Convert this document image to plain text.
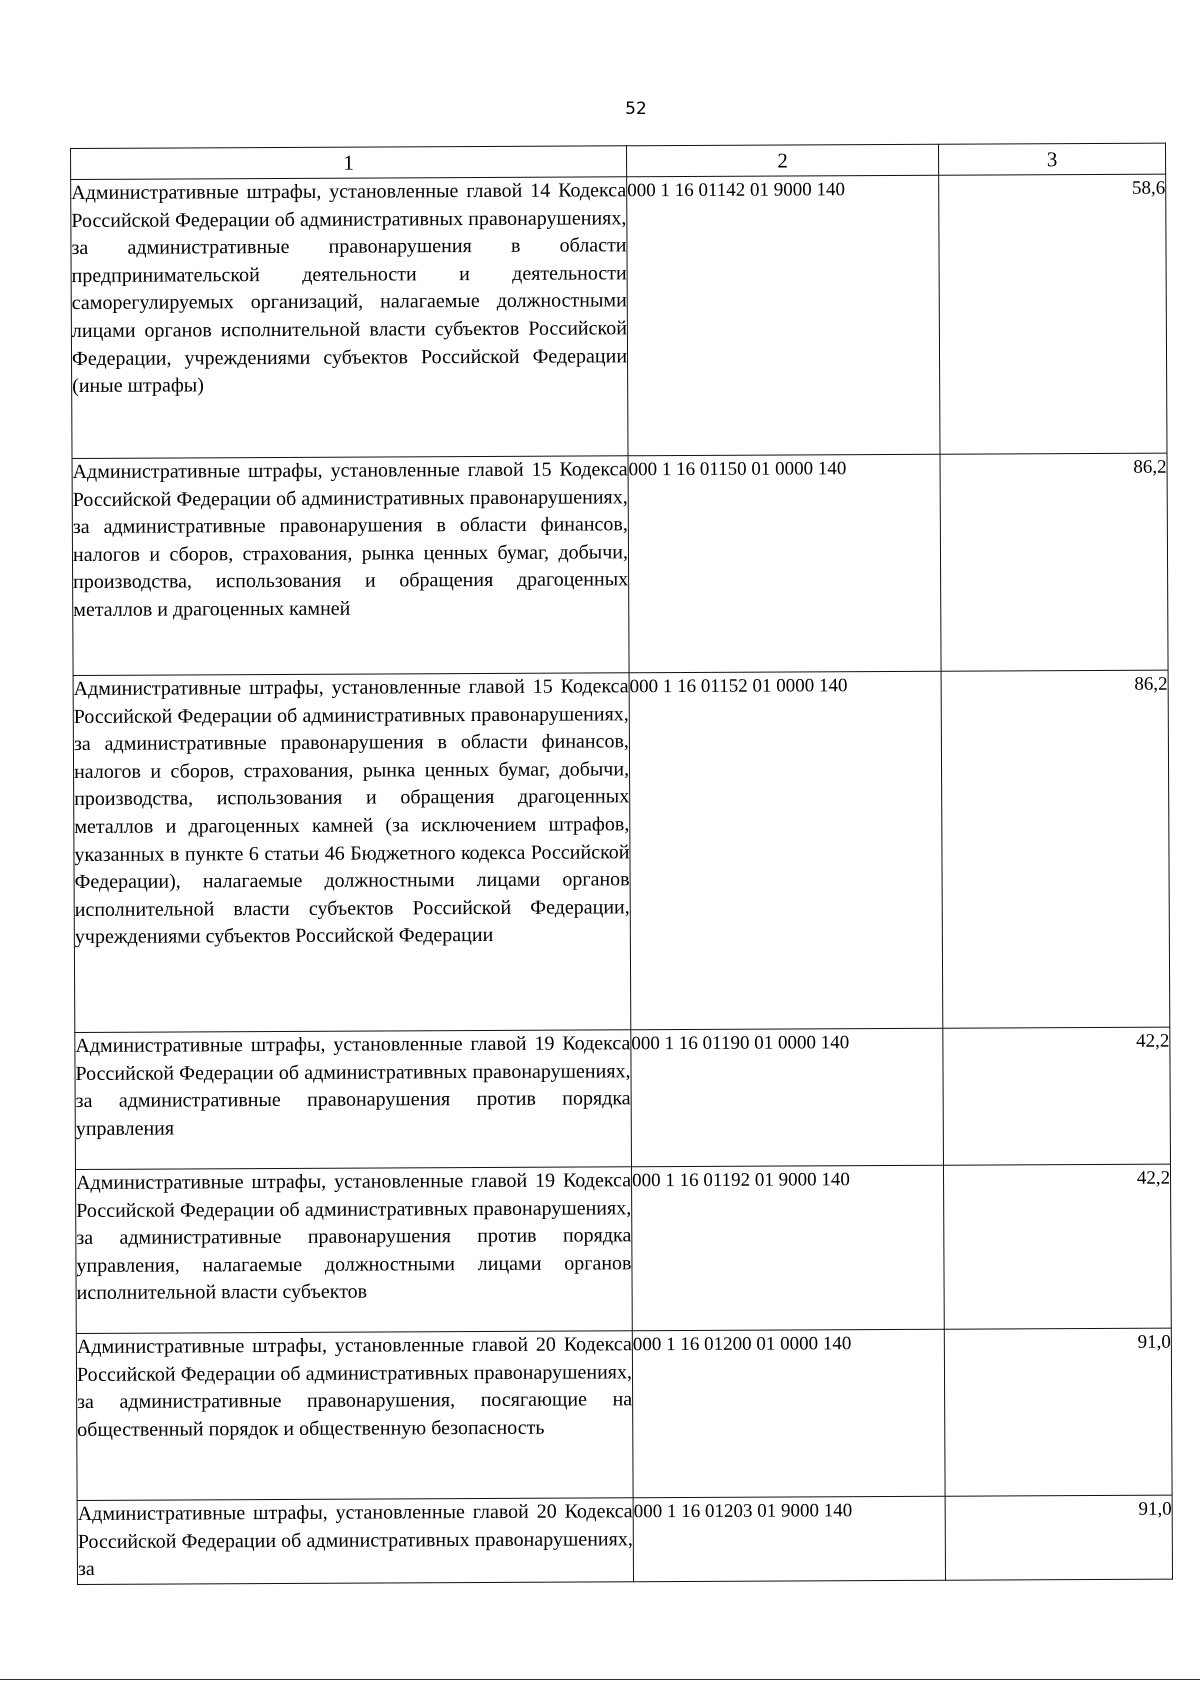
52
1	2	3
Административные штрафы, установленные главой 14 Кодекса Российской Федерации об административных правонарушениях, за административные правонарушения в области предпринимательской деятельности и деятельности саморегулируемых организаций, налагаемые должностными лицами органов исполнительной власти субъектов Российской Федерации, учреждениями субъектов Российской Федерации (иные штрафы)	000 1 16 01142 01 9000 140	58,6
Административные штрафы, установленные главой 15 Кодекса Российской Федерации об административных правонарушениях, за административные правонарушения в области финансов, налогов и сборов, страхования, рынка ценных бумаг, добычи, производства, использования и обращения драгоценных металлов и драгоценных камней	000 1 16 01150 01 0000 140	86,2
Административные штрафы, установленные главой 15 Кодекса Российской Федерации об административных правонарушениях, за административные правонарушения в области финансов, налогов и сборов, страхования, рынка ценных бумаг, добычи, производства, использования и обращения драгоценных металлов и драгоценных камней (за исключением штрафов, указанных в пункте 6 статьи 46 Бюджетного кодекса Российской Федерации), налагаемые должностными лицами органов исполнительной власти субъектов Российской Федерации, учреждениями субъектов Российской Федерации	000 1 16 01152 01 0000 140	86,2
Административные штрафы, установленные главой 19 Кодекса Российской Федерации об административных правонарушениях, за административные правонарушения против порядка управления	000 1 16 01190 01 0000 140	42,2
Административные штрафы, установленные главой 19 Кодекса Российской Федерации об административных правонарушениях, за административные правонарушения против порядка управления, налагаемые должностными лицами органов исполнительной власти субъектов	000 1 16 01192 01 9000 140	42,2
Административные штрафы, установленные главой 20 Кодекса Российской Федерации об административных правонарушениях, за административные правонарушения, посягающие на общественный порядок и общественную безопасность	000 1 16 01200 01 0000 140	91,0
Административные штрафы, установленные главой 20 Кодекса Российской Федерации об административных правонарушениях, за	000 1 16 01203 01 9000 140	91,0
